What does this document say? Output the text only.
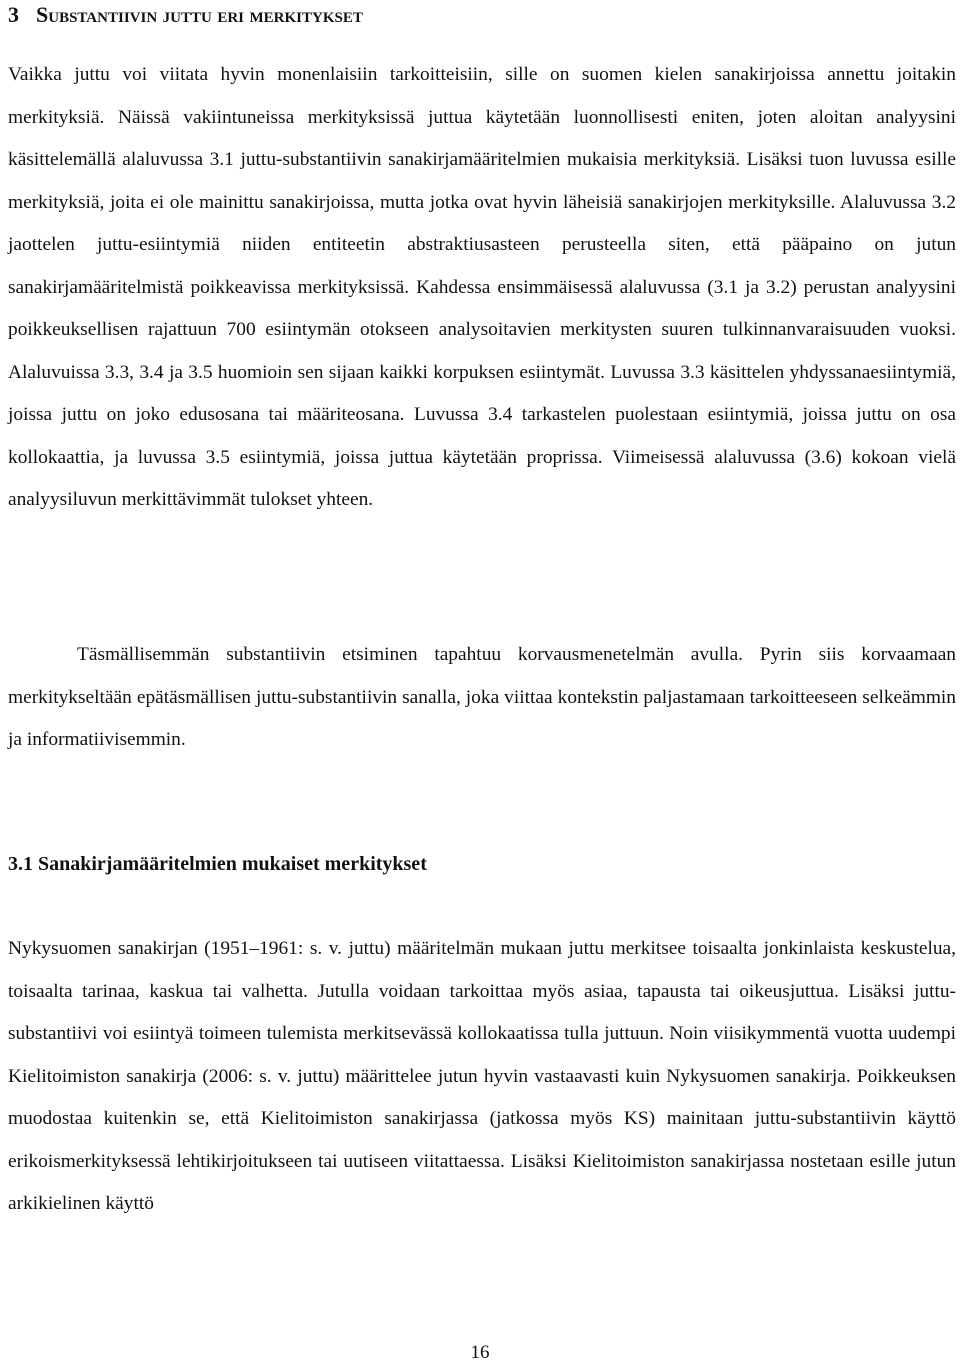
3 Substantiivin juttu eri merkitykset

Vaikka juttu voi viitata hyvin monenlaisiin tarkoitteisiin, sille on suomen kielen sanakirjoissa annettu joitakin merkityksiä. Näissä vakiintuneissa merkityksissä juttua käytetään luonnollisesti eniten, joten aloitan analyysini käsittelemällä alaluvussa 3.1 juttu-substantiivin sanakirjamääritelmien mukaisia merkityksiä. Lisäksi tuon luvussa esille merkityksiä, joita ei ole mainittu sanakirjoissa, mutta jotka ovat hyvin läheisiä sanakirjojen merkityksille. Alaluvussa 3.2 jaottelen juttu-esiintymiä niiden entiteetin abstraktiusasteen perusteella siten, että pääpaino on jutun sanakirjamääritelmistä poikkeavissa merkityksissä. Kahdessa ensimmäisessä alaluvussa (3.1 ja 3.2) perustan analyysini poikkeuksellisen rajattuun 700 esiintymän otokseen analysoitavien merkitysten suuren tulkinnanvaraisuuden vuoksi. Alaluvuissa 3.3, 3.4 ja 3.5 huomioin sen sijaan kaikki korpuksen esiintymät. Luvussa 3.3 käsittelen yhdyssanaesiintymiä, joissa juttu on joko edusosana tai määriteosana. Luvussa 3.4 tarkastelen puolestaan esiintymiä, joissa juttu on osa kollokaattia, ja luvussa 3.5 esiintymiä, joissa juttua käytetään proprissa. Viimeisessä alaluvussa (3.6) kokoan vielä analyysiluvun merkittävimmät tulokset yhteen.

Täsmällisemmän substantiivin etsiminen tapahtuu korvausmenetelmän avulla. Pyrin siis korvaamaan merkitykseltään epätäsmällisen juttu-substantiivin sanalla, joka viittaa kontekstin paljastamaan tarkoitteeseen selkeämmin ja informatiivisemmin.

3.1 Sanakirjamääritelmien mukaiset merkitykset

Nykysuomen sanakirjan (1951–1961: s. v. juttu) määritelmän mukaan juttu merkitsee toisaalta jonkinlaista keskustelua, toisaalta tarinaa, kaskua tai valhetta. Jutulla voidaan tarkoittaa myös asiaa, tapausta tai oikeusjuttua. Lisäksi juttu-substantiivi voi esiintyä toimeen tulemista merkitsevässä kollokaatissa tulla juttuun. Noin viisikymmentä vuotta uudempi Kielitoimiston sanakirja (2006: s. v. juttu) määrittelee jutun hyvin vastaavasti kuin Nykysuomen sanakirja. Poikkeuksen muodostaa kuitenkin se, että Kielitoimiston sanakirjassa (jatkossa myös KS) mainitaan juttu-substantiivin käyttö erikoismerkityksessä lehtikirjoitukseen tai uutiseen viitattaessa. Lisäksi Kielitoimiston sanakirjassa nostetaan esille jutun arkikielinen käyttö

16
